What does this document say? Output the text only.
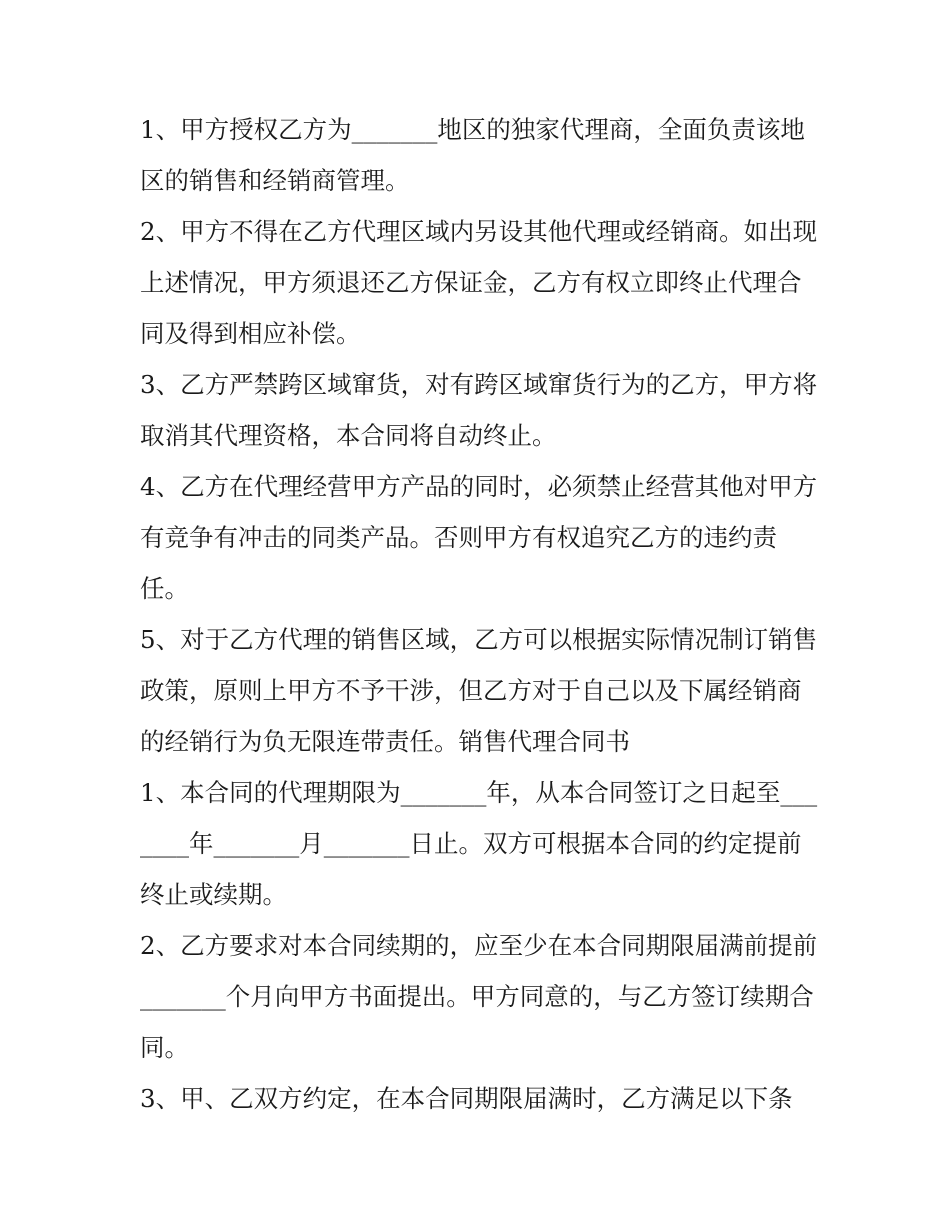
1、甲方授权乙方为_______地区的独家代理商，全面负责该地区的销售和经销商管理。

2、甲方不得在乙方代理区域内另设其他代理或经销商。如出现上述情况，甲方须退还乙方保证金，乙方有权立即终止代理合同及得到相应补偿。

3、乙方严禁跨区域窜货，对有跨区域窜货行为的乙方，甲方将取消其代理资格，本合同将自动终止。

4、乙方在代理经营甲方产品的同时，必须禁止经营其他对甲方有竞争有冲击的同类产品。否则甲方有权追究乙方的违约责任。

5、对于乙方代理的销售区域，乙方可以根据实际情况制订销售政策，原则上甲方不予干涉，但乙方对于自己以及下属经销商的经销行为负无限连带责任。销售代理合同书

1、本合同的代理期限为_______年，从本合同签订之日起至_______年_______月_______日止。双方可根据本合同的约定提前终止或续期。

2、乙方要求对本合同续期的，应至少在本合同期限届满前提前_______个月向甲方书面提出。甲方同意的，与乙方签订续期合同。

3、甲、乙双方约定，在本合同期限届满时，乙方满足以下条
